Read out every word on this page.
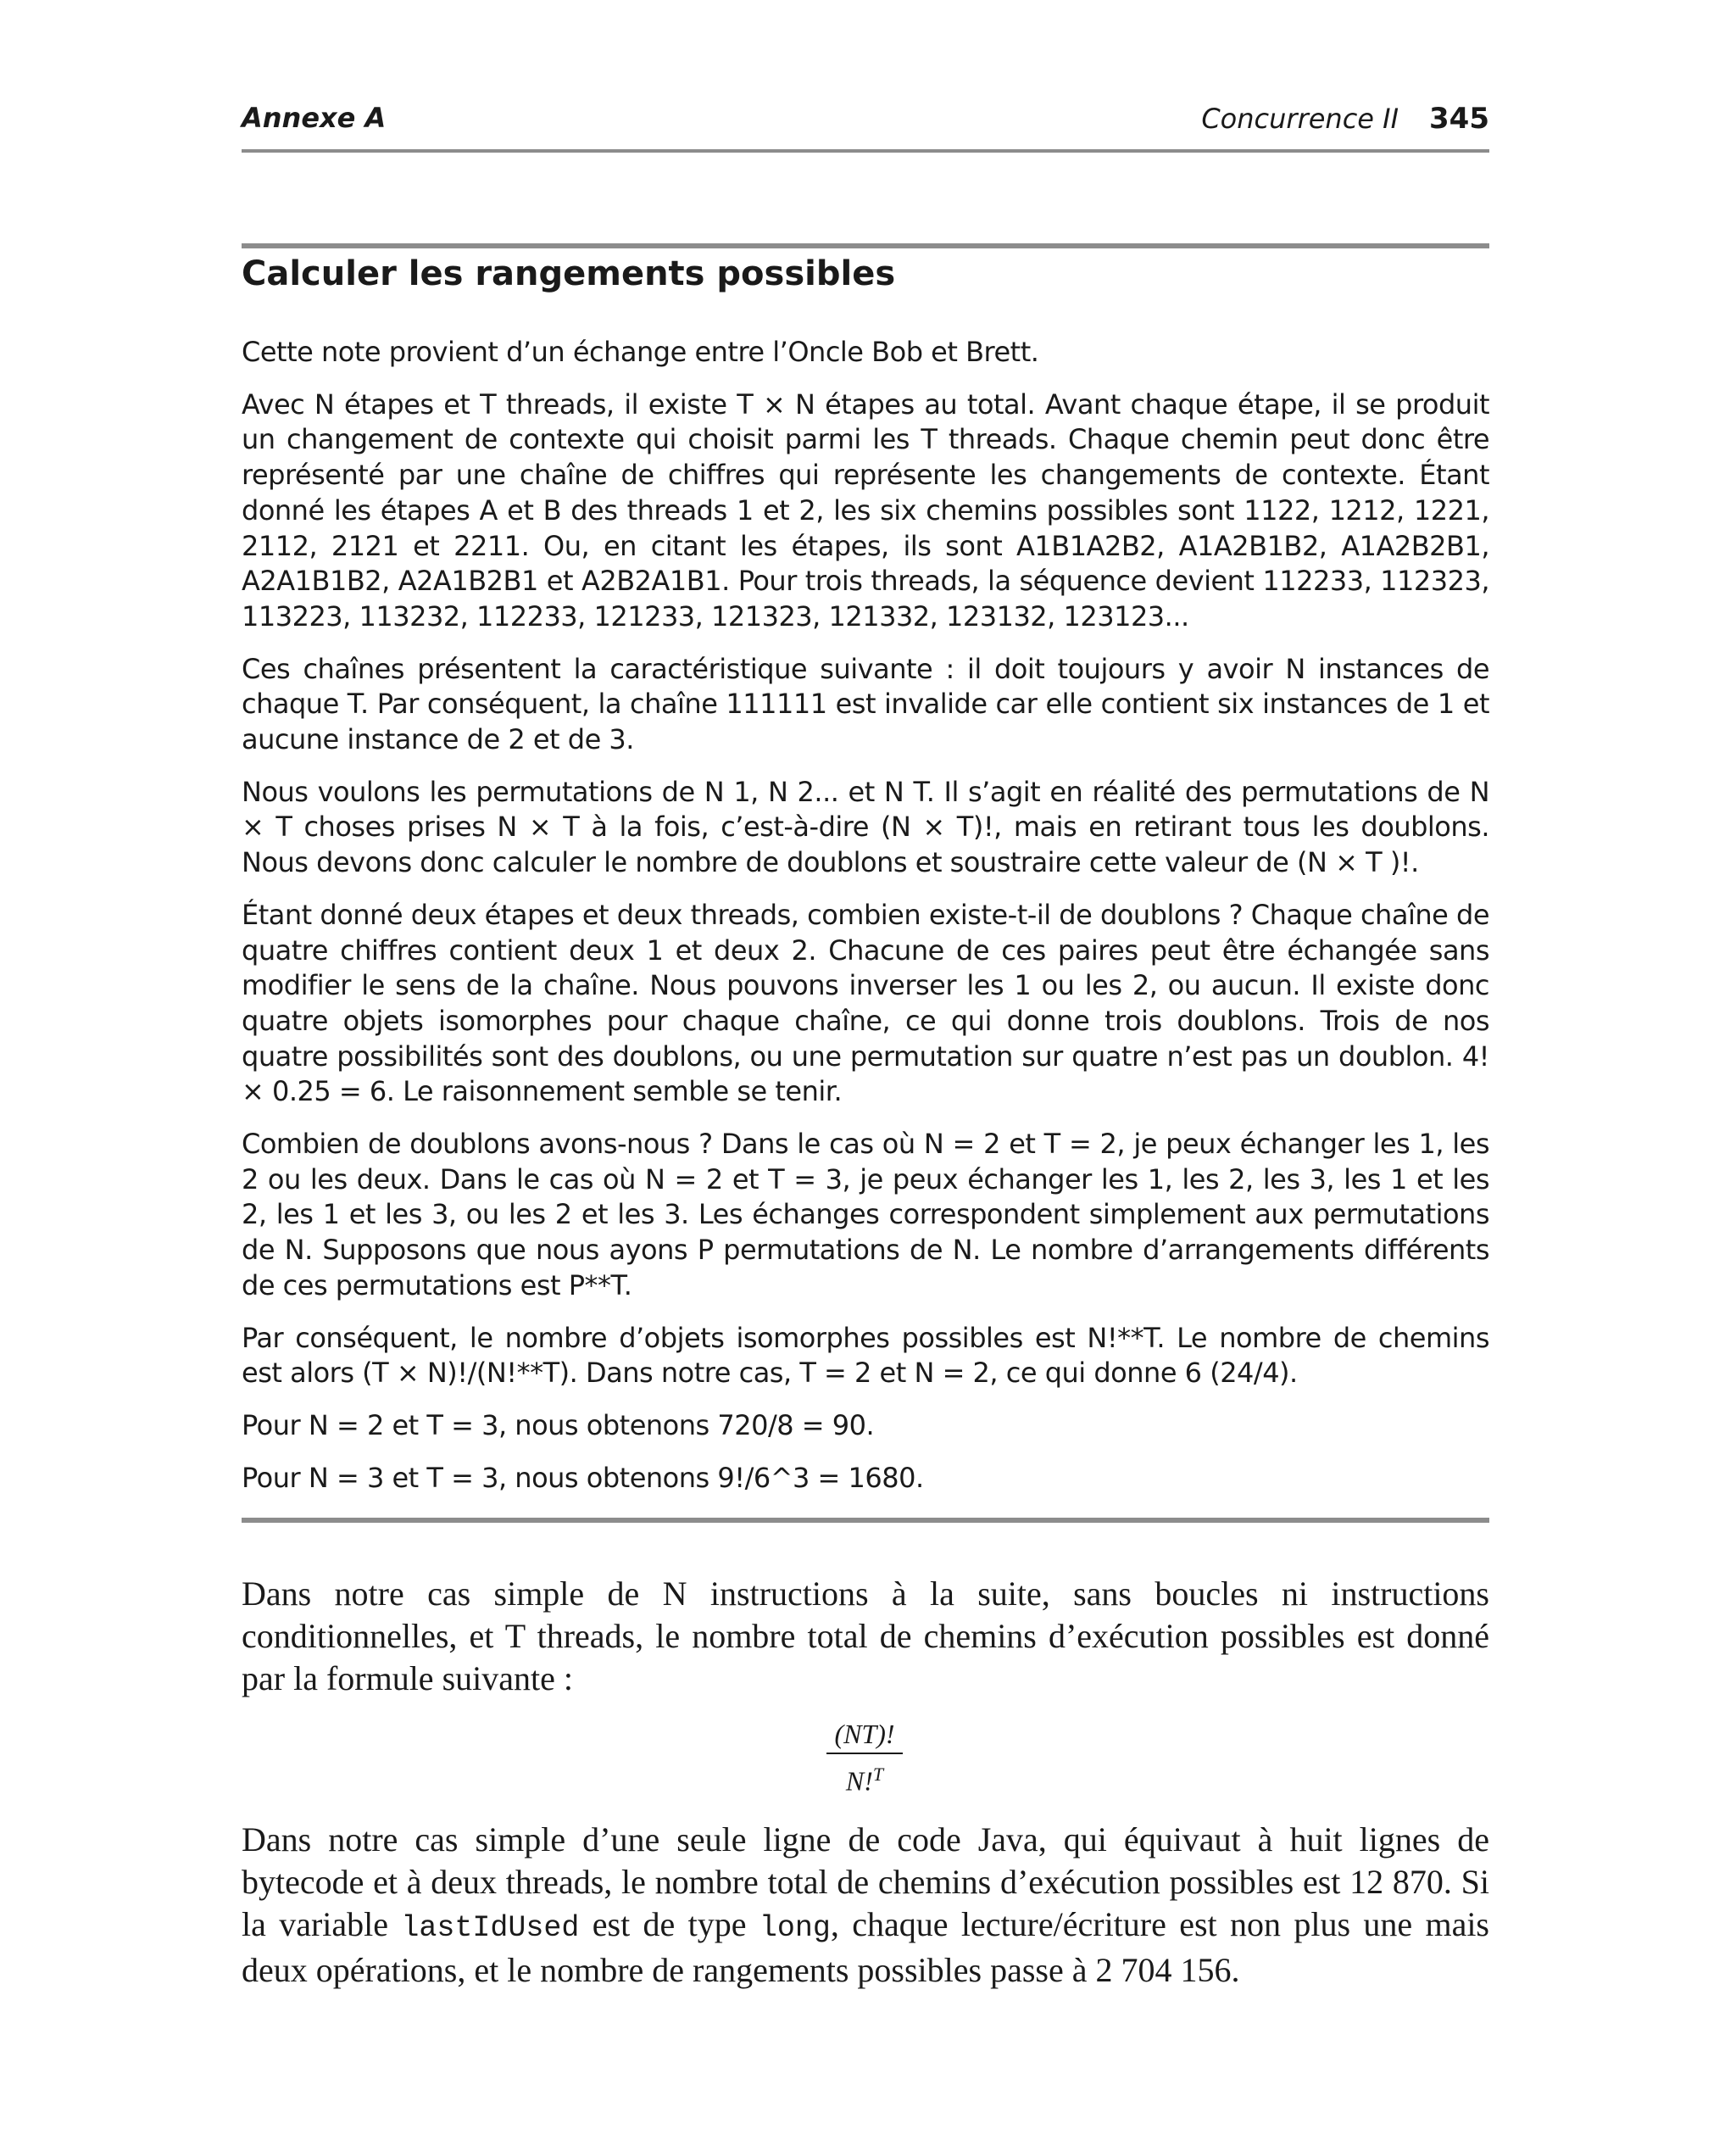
Annexe A	Concurrence II 345
Calculer les rangements possibles

Cette note provient d’un échange entre l’Oncle Bob et Brett.

Avec N étapes et T threads, il existe T × N étapes au total. Avant chaque étape, il se produit un changement de contexte qui choisit parmi les T threads. Chaque chemin peut donc être représenté par une chaîne de chiffres qui représente les changements de contexte. Étant donné les étapes A et B des threads 1 et 2, les six chemins possibles sont 1122, 1212, 1221, 2112, 2121 et 2211. Ou, en citant les étapes, ils sont A1B1A2B2, A1A2B1B2, A1A2B2B1, A2A1B1B2, A2A1B2B1 et A2B2A1B1. Pour trois threads, la séquence devient 112233, 112323, 113223, 113232, 112233, 121233, 121323, 121332, 123132, 123123...

Ces chaînes présentent la caractéristique suivante : il doit toujours y avoir N instances de chaque T. Par conséquent, la chaîne 111111 est invalide car elle contient six instances de 1 et aucune instance de 2 et de 3.

Nous voulons les permutations de N 1, N 2... et N T. Il s’agit en réalité des permutations de N × T choses prises N × T à la fois, c’est-à-dire (N × T)!, mais en retirant tous les doublons. Nous devons donc calculer le nombre de doublons et soustraire cette valeur de (N × T )!.

Étant donné deux étapes et deux threads, combien existe-t-il de doublons ? Chaque chaîne de quatre chiffres contient deux 1 et deux 2. Chacune de ces paires peut être échangée sans modifier le sens de la chaîne. Nous pouvons inverser les 1 ou les 2, ou aucun. Il existe donc quatre objets isomorphes pour chaque chaîne, ce qui donne trois doublons. Trois de nos quatre possibilités sont des doublons, ou une permutation sur quatre n’est pas un doublon. 4! × 0.25 = 6. Le raisonnement semble se tenir.

Combien de doublons avons-nous ? Dans le cas où N = 2 et T = 2, je peux échanger les 1, les 2 ou les deux. Dans le cas où N = 2 et T = 3, je peux échanger les 1, les 2, les 3, les 1 et les 2, les 1 et les 3, ou les 2 et les 3. Les échanges correspondent simplement aux permutations de N. Supposons que nous ayons P permutations de N. Le nombre d’arrangements différents de ces permutations est P**T.

Par conséquent, le nombre d’objets isomorphes possibles est N!**T. Le nombre de chemins est alors (T × N)!/(N!**T). Dans notre cas, T = 2 et N = 2, ce qui donne 6 (24/4).

Pour N = 2 et T = 3, nous obtenons 720/8 = 90.

Pour N = 3 et T = 3, nous obtenons 9!/6^3 = 1680.

Dans notre cas simple de N instructions à la suite, sans boucles ni instructions conditionnelles, et T threads, le nombre total de chemins d’exécution possibles est donné par la formule suivante :

(NT)!
N!$^T$

Dans notre cas simple d’une seule ligne de code Java, qui équivaut à huit lignes de bytecode et à deux threads, le nombre total de chemins d’exécution possibles est 12 870. Si la variable lastIdUsed est de type long, chaque lecture/écriture est non plus une mais deux opérations, et le nombre de rangements possibles passe à 2 704 156.
